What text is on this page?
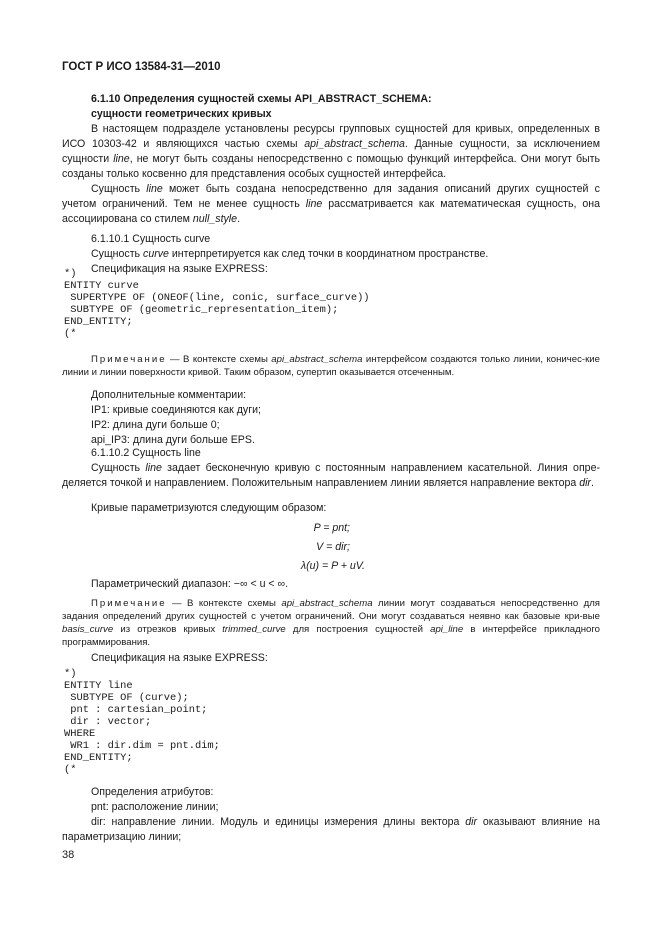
ГОСТ Р ИСО 13584-31—2010

6.1.10 Определения сущностей схемы API_ABSTRACT_SCHEMA:

сущности геометрических кривых

В настоящем подразделе установлены ресурсы групповых сущностей для кривых, определенных в ИСО 10303-42 и являющихся частью схемы api_abstract_schema. Данные сущности, за исключением сущности line, не могут быть созданы непосредственно с помощью функций интерфейса. Они могут быть созданы только косвенно для представления особых сущностей интерфейса.

Сущность line может быть создана непосредственно для задания описаний других сущностей с учетом ограничений. Тем не менее сущность line рассматривается как математическая сущность, она ассоциирована со стилем null_style.

6.1.10.1 Сущность curve

Сущность curve интерпретируется как след точки в координатном пространстве.

Спецификация на языке EXPRESS:

*)
ENTITY curve
SUPERTYPE OF (ONEOF(line, conic, surface_curve))
SUBTYPE OF (geometric_representation_item);
END_ENTITY;
(*

Примечание — В контексте схемы api_abstract_schema интерфейсом создаются только линии, коничес-кие линии и линии поверхности кривой. Таким образом, супертип оказывается отсеченным.

Дополнительные комментарии:

IP1: кривые соединяются как дуги;

IP2: длина дуги больше 0;

api_IP3: длина дуги больше EPS.

6.1.10.2 Сущность line

Сущность line задает бесконечную кривую с постоянным направлением касательной. Линия опре-деляется точкой и направлением. Положительным направлением линии является направление вектора dir.

Кривые параметризуются следующим образом:

P = pnt;
V = dir;
λ(u) = P + uV.

Параметрический диапазон: −∞ < u < ∞.

Примечание — В контексте схемы api_abstract_schema линии могут создаваться непосредственно для задания определений других сущностей с учетом ограничений. Они могут создаваться неявно как базовые кри-вые basis_curve из отрезков кривых trimmed_curve для построения сущностей api_line в интерфейсе прикладного программирования.

Спецификация на языке EXPRESS:

*)
ENTITY line
SUBTYPE OF (curve);
pnt : cartesian_point;
dir : vector;
WHERE
WR1 : dir.dim = pnt.dim;
END_ENTITY;
(*

Определения атрибутов:

pnt: расположение линии;

dir: направление линии. Модуль и единицы измерения длины вектора dir оказывают влияние на параметризацию линии;

38
